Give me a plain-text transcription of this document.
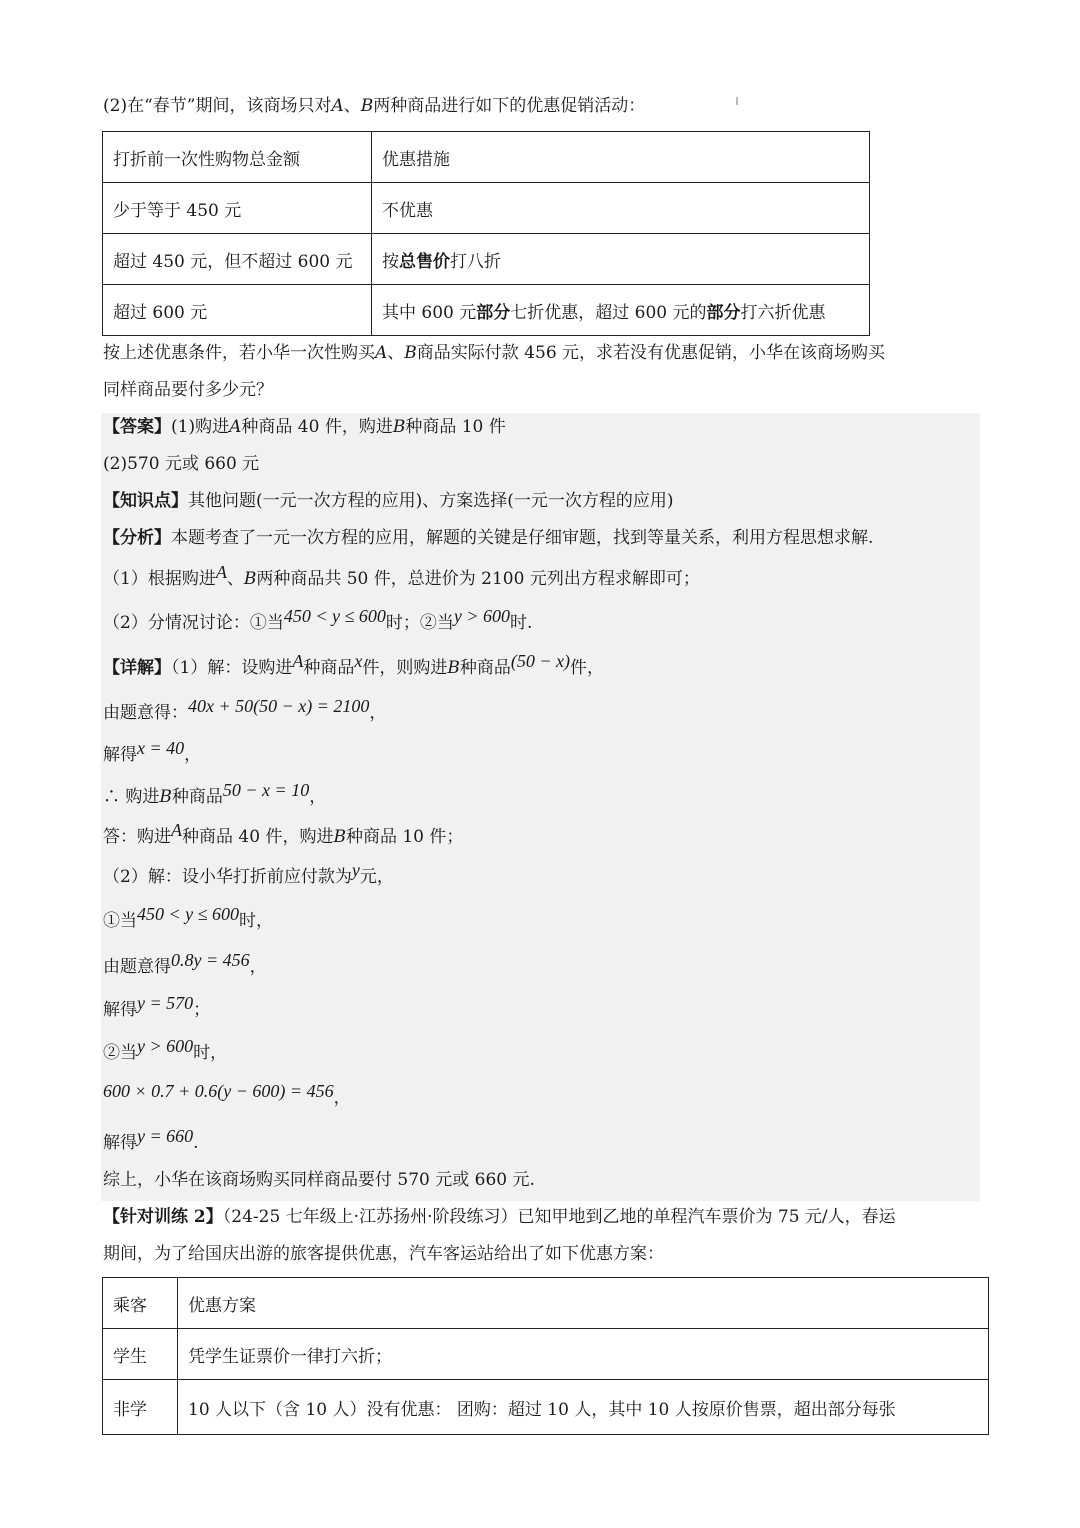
(2)在“春节”期间，该商场只对A、B两种商品进行如下的优惠促销活动：
打折前一次性购物总金额	优惠措施
少于等于 450 元	不优惠
超过 450 元，但不超过 600 元	按总售价打八折
超过 600 元	其中 600 元部分七折优惠，超过 600 元的部分打六折优惠
按上述优惠条件，若小华一次性购买A、B商品实际付款 456 元，求若没有优惠促销，小华在该商场购买
同样商品要付多少元？
【答案】(1)购进A种商品 40 件，购进B种商品 10 件
(2)570 元或 660 元
【知识点】其他问题(一元一次方程的应用)、方案选择(一元一次方程的应用)
【分析】本题考查了一元一次方程的应用，解题的关键是仔细审题，找到等量关系，利用方程思想求解.
（1）根据购进A、B两种商品共 50 件，总进价为 2100 元列出方程求解即可；
（2）分情况讨论：①当450 < y ≤ 600时；②当y > 600时.
【详解】（1）解：设购进A种商品x件，则购进B种商品(50 − x)件，
由题意得：40x + 50(50 − x) = 2100，
解得x = 40，
∴ 购进B种商品50 − x = 10，
答：购进A种商品 40 件，购进B种商品 10 件；
（2）解：设小华打折前应付款为y元，
①当450 < y ≤ 600时，
由题意得0.8y = 456，
解得y = 570；
②当y > 600时，
600 × 0.7 + 0.6(y − 600) = 456，
解得y = 660.
综上，小华在该商场购买同样商品要付 570 元或 660 元.
【针对训练 2】（24-25 七年级上·江苏扬州·阶段练习）已知甲地到乙地的单程汽车票价为 75 元/人，春运
期间，为了给国庆出游的旅客提供优惠，汽车客运站给出了如下优惠方案：
乘客	优惠方案
学生	凭学生证票价一律打六折；
非学	10 人以下（含 10 人）没有优惠： 团购：超过 10 人，其中 10 人按原价售票，超出部分每张
